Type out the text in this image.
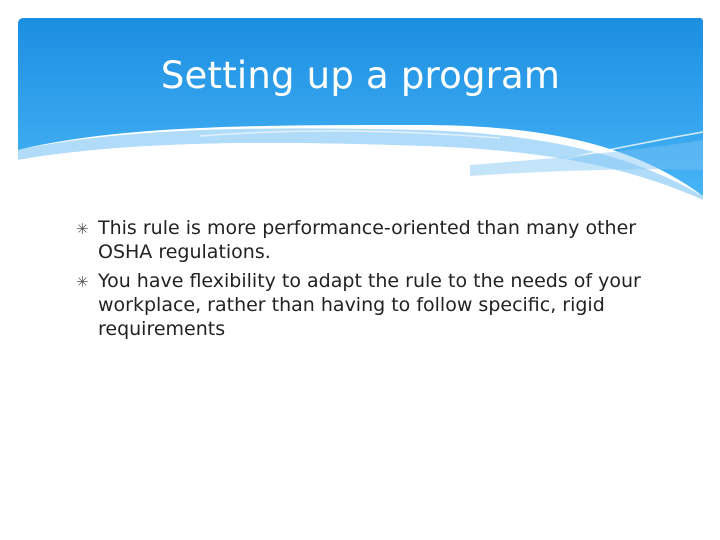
Setting up a program
✳ This rule is more performance-oriented than many other OSHA regulations.
✳ You have flexibility to adapt the rule to the needs of your workplace, rather than having to follow specific, rigid requirements
